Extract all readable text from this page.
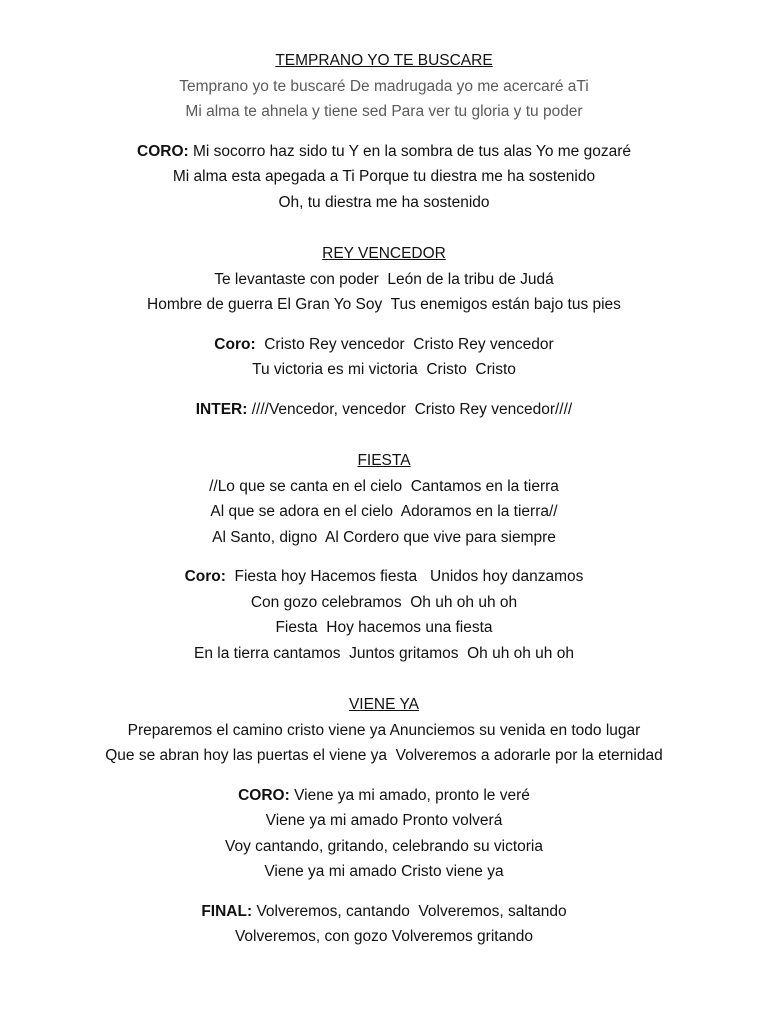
TEMPRANO YO TE BUSCARE

Temprano yo te buscaré De madrugada yo me acercaré aTi

Mi alma te ahnela y tiene sed Para ver tu gloria y tu poder

CORO: Mi socorro haz sido tu Y en la sombra de tus alas Yo me gozaré

Mi alma esta apegada a Ti Porque tu diestra me ha sostenido

Oh, tu diestra me ha sostenido

REY VENCEDOR

Te levantaste con poder  León de la tribu de Judá

Hombre de guerra El Gran Yo Soy  Tus enemigos están bajo tus pies

Coro:  Cristo Rey vencedor  Cristo Rey vencedor

Tu victoria es mi victoria  Cristo  Cristo

INTER: ////Vencedor, vencedor  Cristo Rey vencedor////

FIESTA

//Lo que se canta en el cielo  Cantamos en la tierra

Al que se adora en el cielo  Adoramos en la tierra//

Al Santo, digno  Al Cordero que vive para siempre

Coro:  Fiesta hoy Hacemos fiesta   Unidos hoy danzamos

Con gozo celebramos  Oh uh oh uh oh

Fiesta  Hoy hacemos una fiesta

En la tierra cantamos  Juntos gritamos  Oh uh oh uh oh

VIENE YA

Preparemos el camino cristo viene ya Anunciemos su venida en todo lugar

Que se abran hoy las puertas el viene ya  Volveremos a adorarle por la eternidad

CORO: Viene ya mi amado, pronto le veré

Viene ya mi amado Pronto volverá

Voy cantando, gritando, celebrando su victoria

Viene ya mi amado Cristo viene ya

FINAL: Volveremos, cantando  Volveremos, saltando

Volveremos, con gozo Volveremos gritando
